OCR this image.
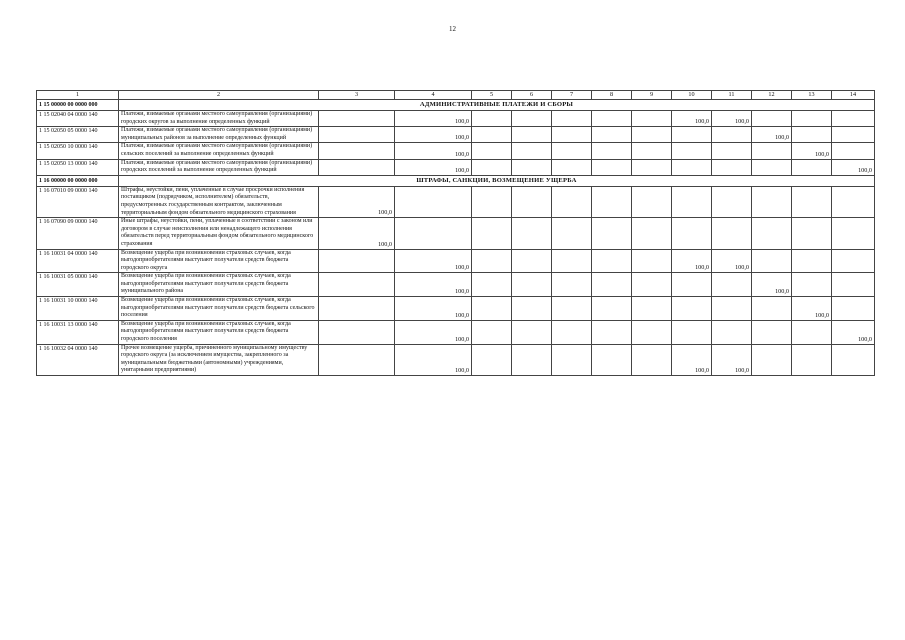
12
1	2	3	4	5	6	7	8	9	10	11	12	13	14
1 15 00000 00 0000 000	АДМИНИСТРАТИВНЫЕ ПЛАТЕЖИ И СБОРЫ												
1 15 02040 04 0000 140	Платежи, взимаемые органами местного самоуправления (организациями) городских округов за выполнение определенных функций		100,0						100,0	100,0			
1 15 02050 05 0000 140	Платежи, взимаемые органами местного самоуправления (организациями) муниципальных районов за выполнение определенных функций		100,0								100,0		
1 15 02050 10 0000 140	Платежи, взимаемые органами местного самоуправления (организациями) сельских поселений за выполнение определенных функций		100,0									100,0	
1 15 02050 13 0000 140	Платежи, взимаемые органами местного самоуправления (организациями) городских поселений за выполнение определенных функций		100,0										100,0
1 16 00000 00 0000 000	ШТРАФЫ, САНКЦИИ, ВОЗМЕЩЕНИЕ УЩЕРБА												
1 16 07010 09 0000 140	Штрафы, неустойки, пени, уплаченные в случае просрочки исполнения поставщиком (подрядчиком, исполнителем) обязательств, предусмотренных государственным контрактом, заключенным территориальным фондом обязательного медицинского страхования	100,0											
1 16 07090 09 0000 140	Иные штрафы, неустойки, пени, уплаченные в соответствии с законом или договором в случае неисполнения или ненадлежащего исполнения обязательств перед территориальным фондом обязательного медицинского страхования	100,0											
1 16 10031 04 0000 140	Возмещение ущерба при возникновении страховых случаев, когда выгодоприобретателями выступают получатели средств бюджета городского округа		100,0						100,0	100,0			
1 16 10031 05 0000 140	Возмещение ущерба при возникновении страховых случаев, когда выгодоприобретателями выступают получатели средств бюджета муниципального района		100,0								100,0		
1 16 10031 10 0000 140	Возмещение ущерба при возникновении страховых случаев, когда выгодоприобретателями выступают получатели средств бюджета сельского поселения		100,0									100,0	
1 16 10031 13 0000 140	Возмещение ущерба при возникновении страховых случаев, когда выгодоприобретателями выступают получатели средств бюджета городского поселения		100,0										100,0
1 16 10032 04 0000 140	Прочее возмещение ущерба, причиненного муниципальному имуществу городского округа (за исключением имущества, закрепленного за муниципальными бюджетными (автономными) учреждениями, унитарными предприятиями)		100,0						100,0	100,0			
